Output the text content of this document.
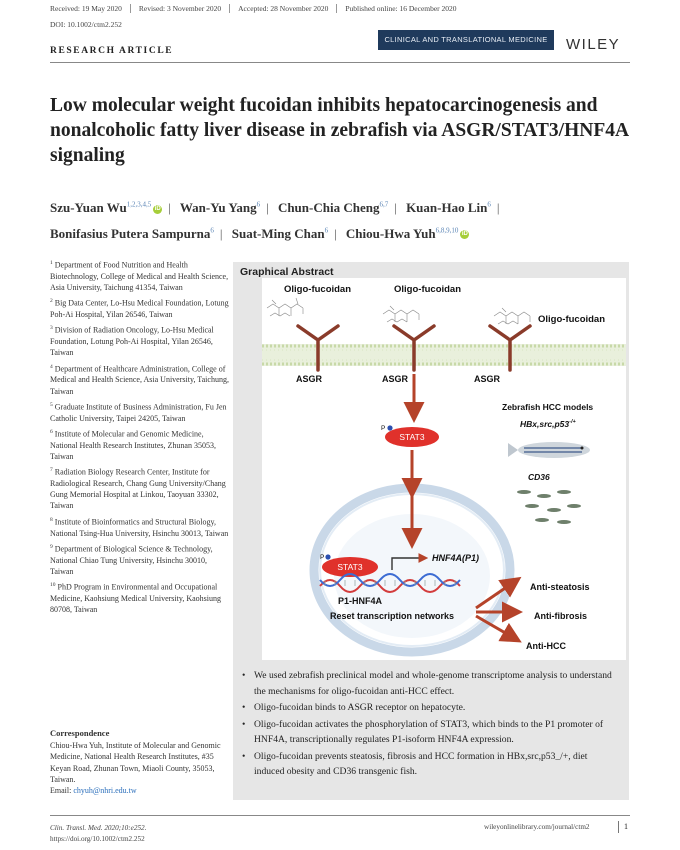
Received: 19 May 2020	Revised: 3 November 2020	Accepted: 28 November 2020	Published online: 16 December 2020
DOI: 10.1002/ctm2.252
RESEARCH ARTICLE
CLINICAL AND TRANSLATIONAL MEDICINE	WILEY
Low molecular weight fucoidan inhibits hepatocarcinogenesis and nonalcoholic fatty liver disease in zebrafish via ASGR/STAT3/HNF4A signaling
Szu-Yuan Wu$^{1,2,3,4,5}$ iD | Wan-Yu Yang$^6$ | Chun-Chia Cheng$^{6,7}$ | Kuan-Hao Lin$^6$ |
Bonifasius Putera Sampurna$^6$ | Suat-Ming Chan$^6$ | Chiou-Hwa Yuh$^{6,8,9,10}$ iD
$^1$ Department of Food Nutrition and Health Biotechnology, College of Medical and Health Science, Asia University, Taichung 41354, Taiwan
$^2$ Big Data Center, Lo-Hsu Medical Foundation, Lotung Poh-Ai Hospital, Yilan 26546, Taiwan
$^3$ Division of Radiation Oncology, Lo-Hsu Medical Foundation, Lotung Poh-Ai Hospital, Yilan 26546, Taiwan
$^4$ Department of Healthcare Administration, College of Medical and Health Science, Asia University, Taichung, Taiwan
$^5$ Graduate Institute of Business Administration, Fu Jen Catholic University, Taipei 24205, Taiwan
$^6$ Institute of Molecular and Genomic Medicine, National Health Research Institutes, Zhunan 35053, Taiwan
$^7$ Radiation Biology Research Center, Institute for Radiological Research, Chang Gung University/Chang Gung Memorial Hospital at Linkou, Taoyuan 33302, Taiwan
$^8$ Institute of Bioinformatics and Structural Biology, National Tsing-Hua University, Hsinchu 30013, Taiwan
$^9$ Department of Biological Science & Technology, National Chiao Tung University, Hsinchu 30010, Taiwan
$^{10}$ PhD Program in Environmental and Occupational Medicine, Kaohsiung Medical University, Kaohsiung 80708, Taiwan
Correspondence
Chiou-Hwa Yuh, Institute of Molecular and Genomic Medicine, National Health Research Institutes, #35 Keyan Road, Zhunan Town, Miaoli County, 35053, Taiwan.
Email: chyuh@nhri.edu.tw
Graphical Abstract
Oligo-fucoidan	Oligo-fucoidan
Oligo-fucoidan
ASGR	ASGR	ASGR
STAT3
P
STAT3
P	HNF4A(P1)
P1-HNF4A
Reset transcription networks
Anti-steatosis
Anti-fibrosis
Anti-HCC
Zebrafish HCC models
HBx,src,p53-/+
CD36
• We used zebrafish preclinical model and whole-genome transcriptome analysis to understand the mechanisms for oligo-fucoidan anti-HCC effect.
• Oligo-fucoidan binds to ASGR receptor on hepatocyte.
• Oligo-fucoidan activates the phosphorylation of STAT3, which binds to the P1 promoter of HNF4A, transcriptionally regulates P1-isoform HNF4A expression.
• Oligo-fucoidan prevents steatosis, fibrosis and HCC formation in HBx,src,p53_/+, diet induced obesity and CD36 transgenic fish.
Clin. Transl. Med. 2020;10:e252.
https://doi.org/10.1002/ctm2.252
wileyonlinelibrary.com/journal/ctm2	1
